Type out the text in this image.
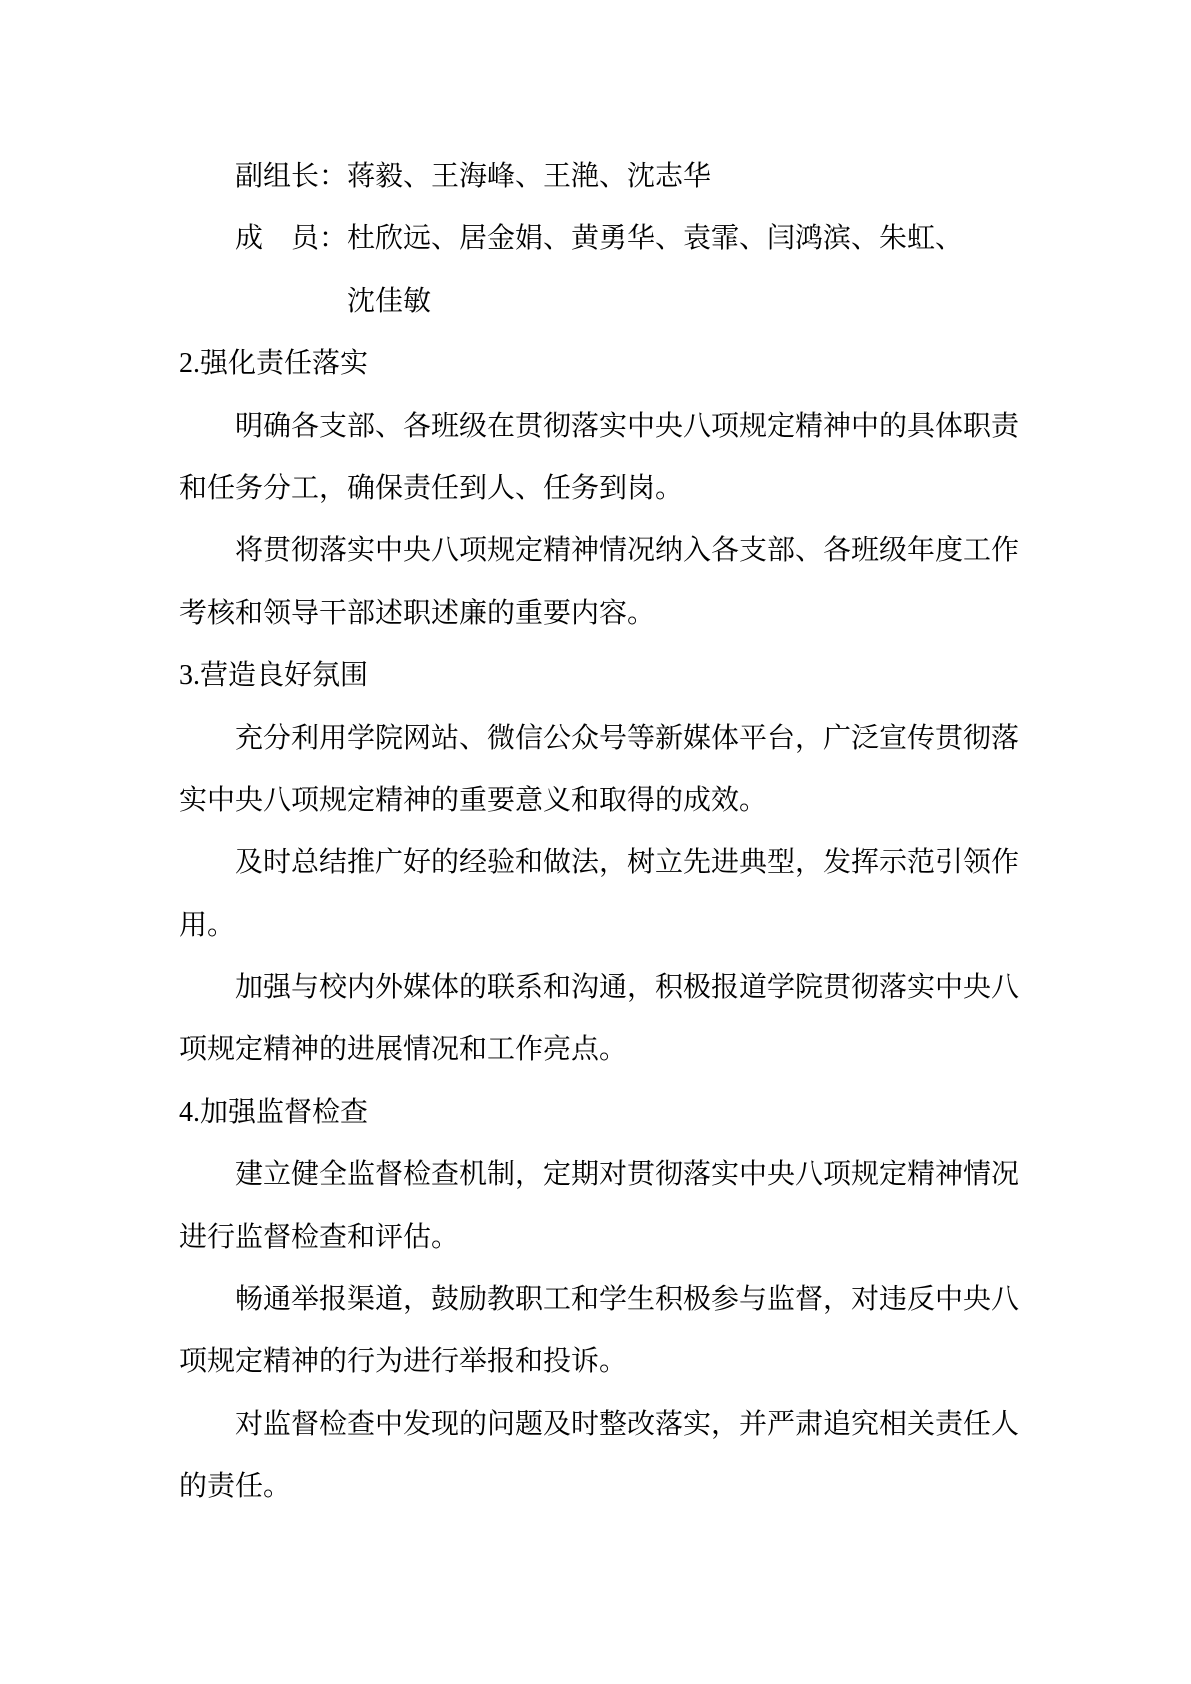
副组长：蒋毅、王海峰、王滟、沈志华
成　员：杜欣远、居金娟、黄勇华、袁霏、闫鸿滨、朱虹、
沈佳敏
2.强化责任落实
明确各支部、各班级在贯彻落实中央八项规定精神中的具体职责
和任务分工，确保责任到人、任务到岗。
将贯彻落实中央八项规定精神情况纳入各支部、各班级年度工作
考核和领导干部述职述廉的重要内容。
3.营造良好氛围
充分利用学院网站、微信公众号等新媒体平台，广泛宣传贯彻落
实中央八项规定精神的重要意义和取得的成效。
及时总结推广好的经验和做法，树立先进典型，发挥示范引领作
用。
加强与校内外媒体的联系和沟通，积极报道学院贯彻落实中央八
项规定精神的进展情况和工作亮点。
4.加强监督检查
建立健全监督检查机制，定期对贯彻落实中央八项规定精神情况
进行监督检查和评估。
畅通举报渠道，鼓励教职工和学生积极参与监督，对违反中央八
项规定精神的行为进行举报和投诉。
对监督检查中发现的问题及时整改落实，并严肃追究相关责任人
的责任。
